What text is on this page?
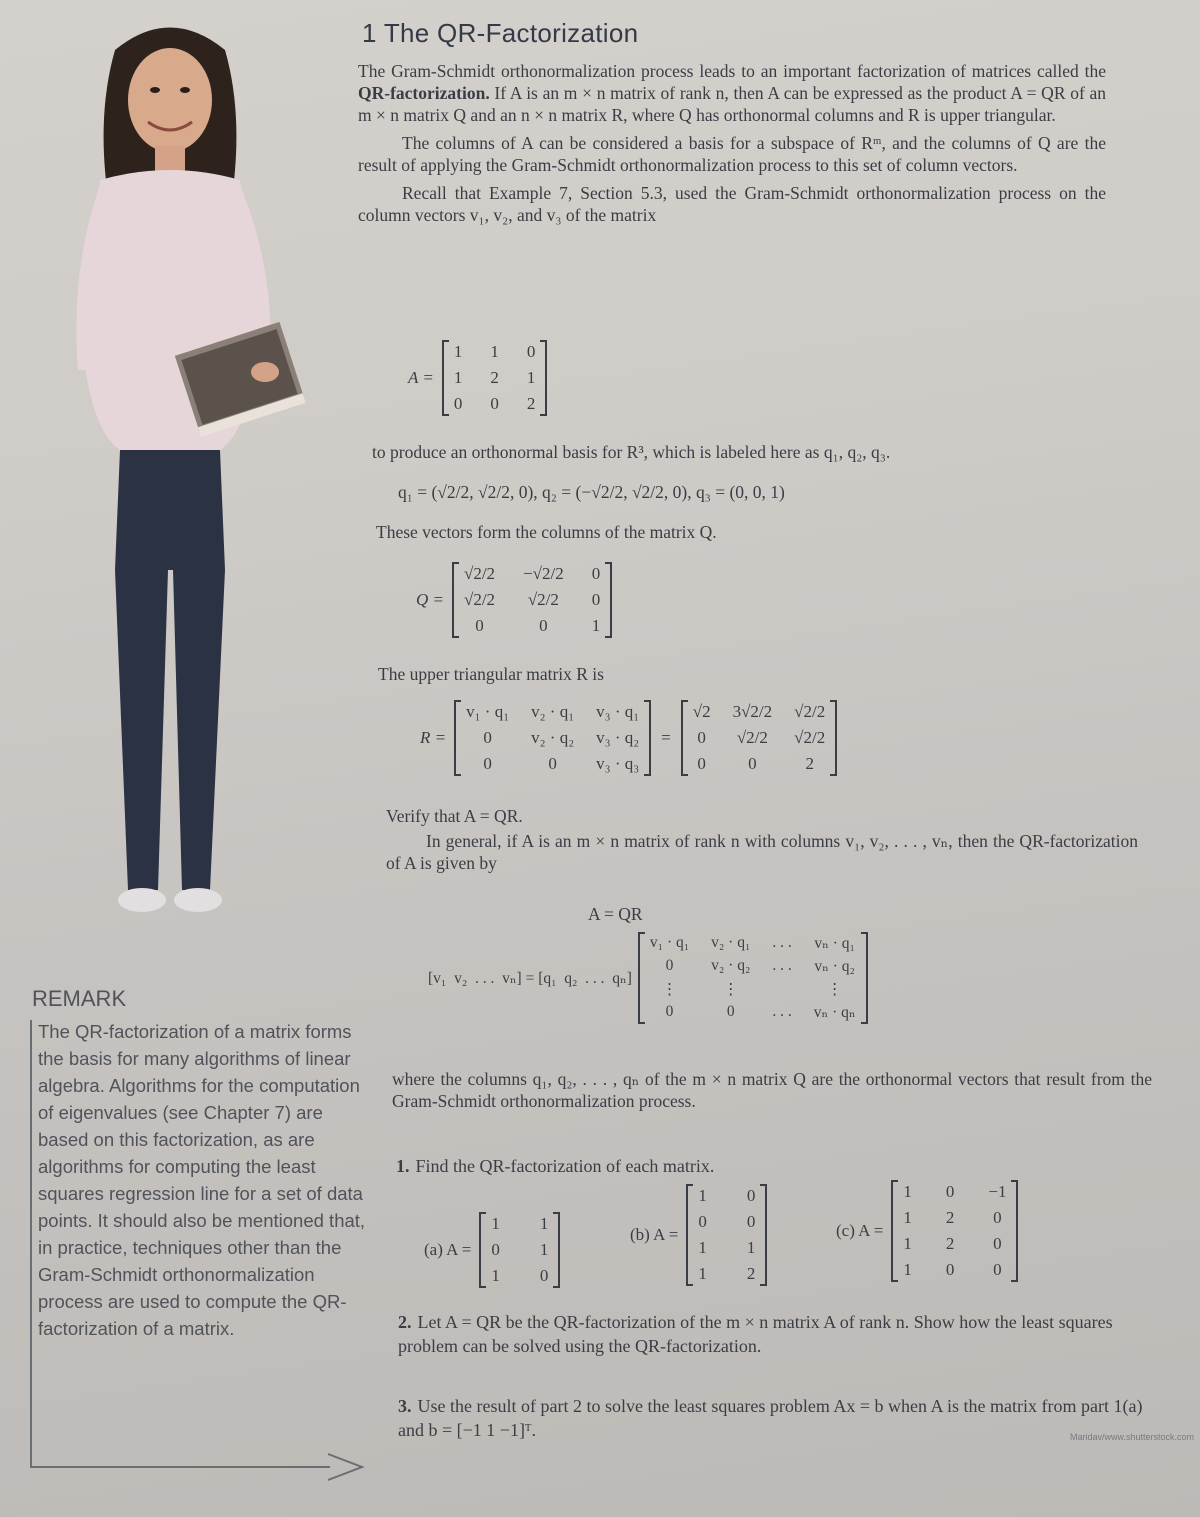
1 The QR-Factorization

The Gram-Schmidt orthonormalization process leads to an important factorization of matrices called the QR-factorization. If A is an m × n matrix of rank n, then A can be expressed as the product A = QR of an m × n matrix Q and an n × n matrix R, where Q has orthonormal columns and R is upper triangular.

The columns of A can be considered a basis for a subspace of Rᵐ, and the columns of Q are the result of applying the Gram-Schmidt orthonormalization process to this set of column vectors.

Recall that Example 7, Section 5.3, used the Gram-Schmidt orthonormalization process on the column vectors v₁, v₂, and v₃ of the matrix

A =
1 1 0
1 2 1
0 0 2
to produce an orthonormal basis for R³, which is labeled here as q₁, q₂, q₃.
q₁ = (√2/2, √2/2, 0), q₂ = (−√2/2, √2/2, 0), q₃ = (0, 0, 1)
These vectors form the columns of the matrix Q.
Q =
√2/2 −√2/2 0
√2/2 √2/2 0
0	0	1
The upper triangular matrix R is
R =
v₁ · q₁ v₂ · q₁ v₃ · q₁
0	v₂ · q₂ v₃ · q₂
0	0	v₃ · q₃
=
√2 3√2/2 √2/2
0 √2/2 √2/2
0	0	2
Verify that A = QR.
In general, if A is an m × n matrix of rank n with columns v₁, v₂, . . . , vₙ, then the QR-factorization of A is given by
A = QR
[v₁  v₂  . . .  vₙ] = [q₁  q₂  . . .  qₙ]
v₁ · q₁ v₂ · q₁ . . . vₙ · q₁
0	v₂ · q₂ . . . vₙ · q₂
⋮	⋮	⋮
0	0	. . . vₙ · qₙ
where the columns q₁, q₂, . . . , qₙ of the m × n matrix Q are the orthonormal vectors that result from the Gram-Schmidt orthonormalization process.
1. Find the QR-factorization of each matrix.
(a) A =
1 1
0 1
1 0
(b) A =
1 0
0 0
1 1
1 2
(c) A =
1 0 −1
1 2 0
1 2 0
1 0 0
2. Let A = QR be the QR-factorization of the m × n matrix A of rank n. Show how the least squares problem can be solved using the QR-factorization.
3. Use the result of part 2 to solve the least squares problem Ax = b when A is the matrix from part 1(a) and b = [−1 1 −1]ᵀ.
REMARK
The QR-factorization of a matrix forms the basis for many algorithms of linear algebra. Algorithms for the computation of eigenvalues (see Chapter 7) are based on this factorization, as are algorithms for computing the least squares regression line for a set of data points. It should also be mentioned that, in practice, techniques other than the Gram-Schmidt orthonormalization process are used to compute the QR-factorization of a matrix.
Maridav/www.shutterstock.com
